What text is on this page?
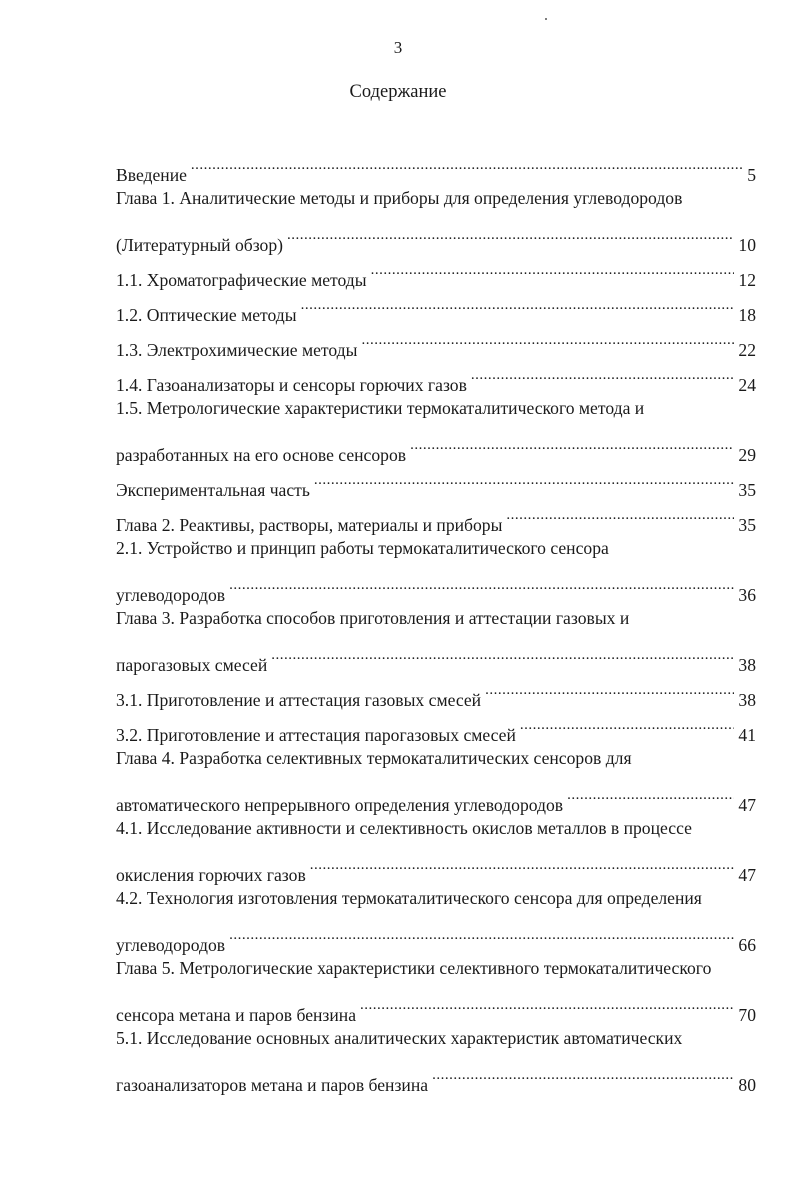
3
Содержание
Введение .....	5
Глава 1. Аналитические методы и приборы для определения углеводородов
(Литературный обзор) .....	10
1.1. Хроматографические методы .....	12
1.2. Оптические методы .....	18
1.3. Электрохимические методы .....	22
1.4. Газоанализаторы и сенсоры горючих газов .....	24
1.5. Метрологические характеристики термокаталитического метода и
разработанных на его основе сенсоров .....	29
Экспериментальная часть .....	35
Глава 2. Реактивы, растворы, материалы и приборы .....	35
2.1. Устройство и принцип работы термокаталитического сенсора
углеводородов .....	36
Глава 3. Разработка способов приготовления и аттестации газовых и
парогазовых смесей .....	38
3.1. Приготовление и аттестация газовых смесей .....	38
3.2. Приготовление и аттестация парогазовых смесей .....	41
Глава 4. Разработка селективных термокаталитических сенсоров для
автоматического непрерывного определения углеводородов .....	47
4.1. Исследование активности и селективность окислов металлов в процессе
окисления горючих газов .....	47
4.2. Технология изготовления термокаталитического сенсора для определения
углеводородов .....	66
Глава 5. Метрологические характеристики селективного термокаталитического
сенсора метана и паров бензина .....	70
5.1. Исследование основных аналитических характеристик автоматических
газоанализаторов метана и паров бензина .....	80
